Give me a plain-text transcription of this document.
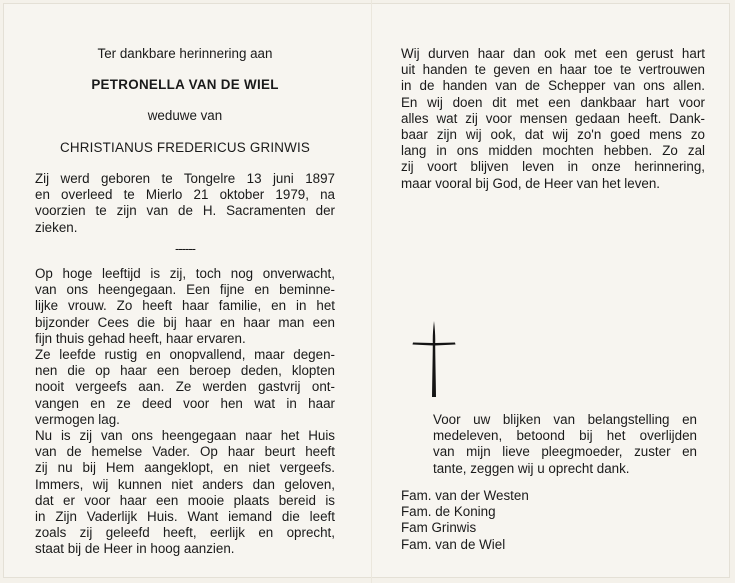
Ter dankbare herinnering aan
PETRONELLA VAN DE WIEL
weduwe van
CHRISTIANUS FREDERICUS GRINWIS
Zij werd geboren te Tongelre 13 juni 1897
en overleed te Mierlo 21 oktober 1979, na
voorzien te zijn van de H. Sacramenten der
zieken.
------
Op hoge leeftijd is zij, toch nog onverwacht,
van ons heengegaan. Een fijne en beminne-
lijke vrouw. Zo heeft haar familie, en in het
bijzonder Cees die bij haar en haar man een
fijn thuis gehad heeft, haar ervaren.
Ze leefde rustig en onopvallend, maar degen-
nen die op haar een beroep deden, klopten
nooit vergeefs aan. Ze werden gastvrij ont-
vangen en ze deed voor hen wat in haar
vermogen lag.
Nu is zij van ons heengegaan naar het Huis
van de hemelse Vader. Op haar beurt heeft
zij nu bij Hem aangeklopt, en niet vergeefs.
Immers, wij kunnen niet anders dan geloven,
dat er voor haar een mooie plaats bereid is
in Zijn Vaderlijk Huis. Want iemand die leeft
zoals zij geleefd heeft, eerlijk en oprecht,
staat bij de Heer in hoog aanzien.
Wij durven haar dan ook met een gerust hart
uit handen te geven en haar toe te vertrouwen
in de handen van de Schepper van ons allen.
En wij doen dit met een dankbaar hart voor
alles wat zij voor mensen gedaan heeft. Dank-
baar zijn wij ook, dat wij zo'n goed mens zo
lang in ons midden mochten hebben. Zo zal
zij voort blijven leven in onze herinnering,
maar vooral bij God, de Heer van het leven.
Voor uw blijken van belangstelling en
medeleven, betoond bij het overlijden
van mijn lieve pleegmoeder, zuster en
tante, zeggen wij u oprecht dank.
Fam. van der Westen
Fam. de Koning
Fam Grinwis
Fam. van de Wiel
